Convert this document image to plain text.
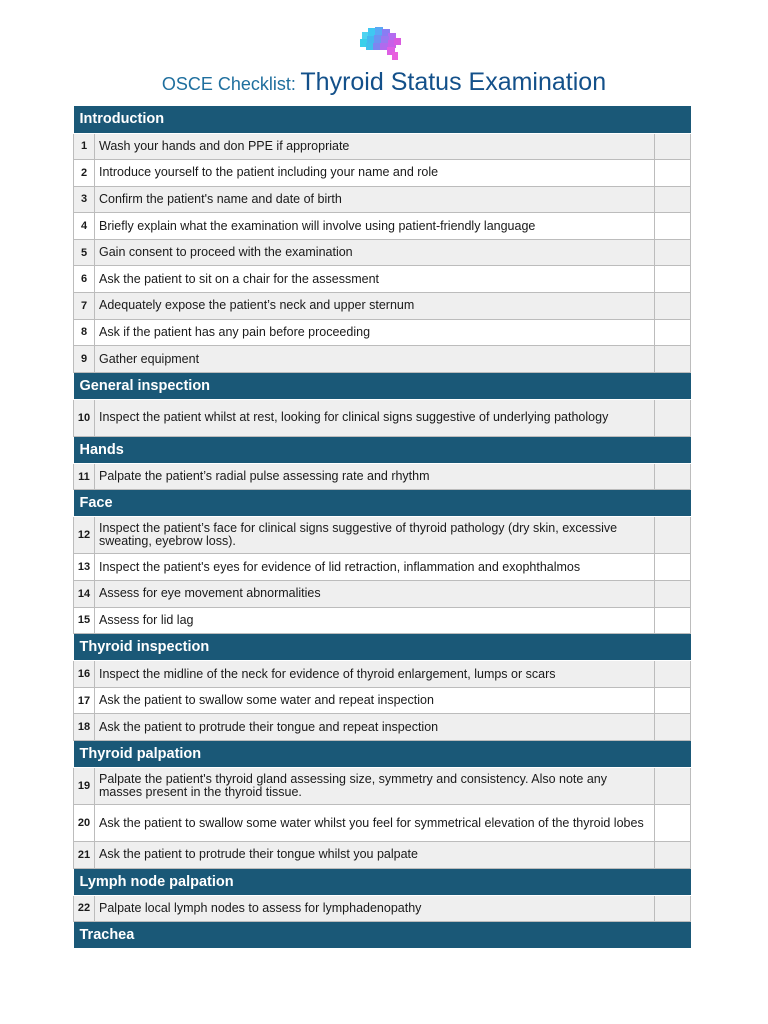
OSCE Checklist: Thyroid Status Examination
Introduction		
1	Wash your hands and don PPE if appropriate	
2	Introduce yourself to the patient including your name and role	
3	Confirm the patient's name and date of birth	
4	Briefly explain what the examination will involve using patient-friendly language	
5	Gain consent to proceed with the examination	
6	Ask the patient to sit on a chair for the assessment	
7	Adequately expose the patient’s neck and upper sternum	
8	Ask if the patient has any pain before proceeding	
9	Gather equipment	
General inspection		
10	Inspect the patient whilst at rest, looking for clinical signs suggestive of underlying pathology	
Hands		
11	Palpate the patient’s radial pulse assessing rate and rhythm	
Face		
12	Inspect the patient’s face for clinical signs suggestive of thyroid pathology (dry skin, excessive sweating, eyebrow loss).	
13	Inspect the patient's eyes for evidence of lid retraction, inflammation and exophthalmos	
14	Assess for eye movement abnormalities	
15	Assess for lid lag	
Thyroid inspection		
16	Inspect the midline of the neck for evidence of thyroid enlargement, lumps or scars	
17	Ask the patient to swallow some water and repeat inspection	
18	Ask the patient to protrude their tongue and repeat inspection	
Thyroid palpation		
19	Palpate the patient's thyroid gland assessing size, symmetry and consistency. Also note any masses present in the thyroid tissue.	
20	Ask the patient to swallow some water whilst you feel for symmetrical elevation of the thyroid lobes	
21	Ask the patient to protrude their tongue whilst you palpate	
Lymph node palpation		
22	Palpate local lymph nodes to assess for lymphadenopathy	
Trachea		
